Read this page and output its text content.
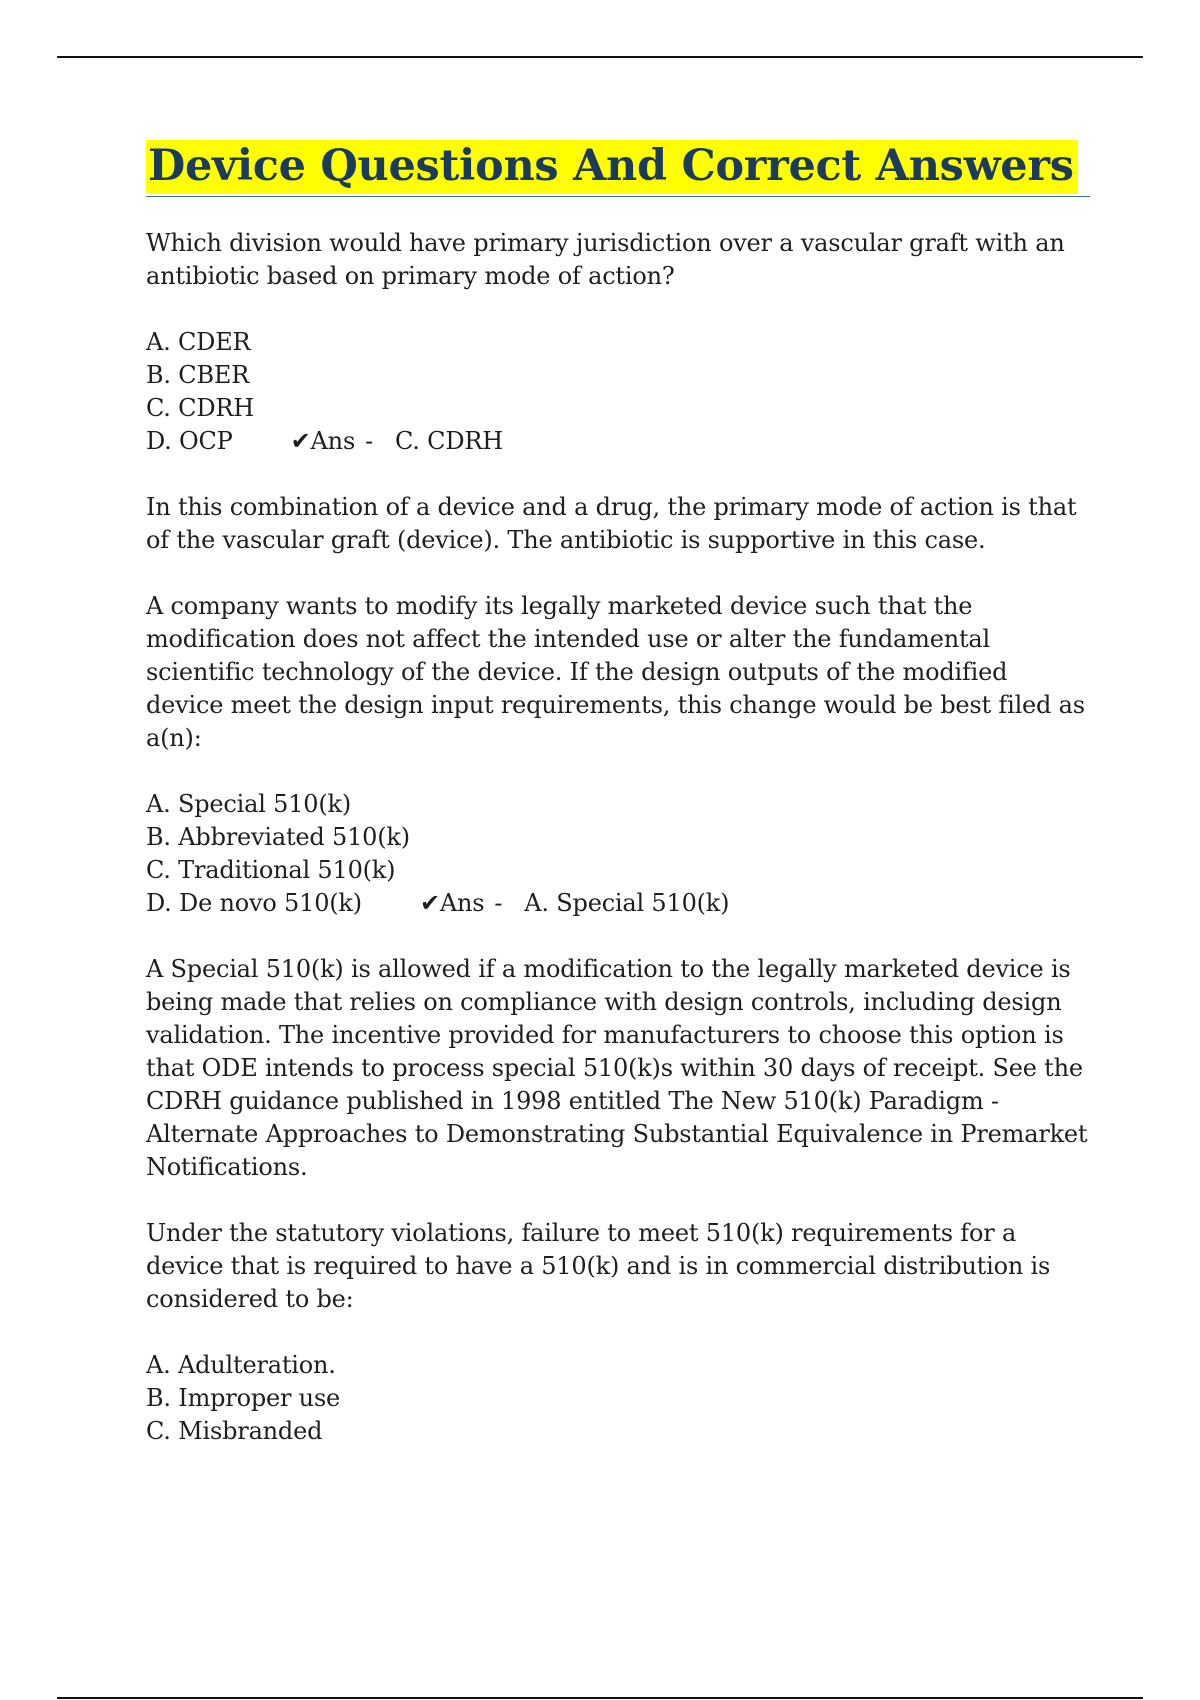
Device Questions And Correct Answers
Which division would have primary jurisdiction over a vascular graft with an antibiotic based on primary mode of action?
A. CDER
B. CBER
C. CDRH
D. OCP ✔Ans - C. CDRH
In this combination of a device and a drug, the primary mode of action is that of the vascular graft (device). The antibiotic is supportive in this case.
A company wants to modify its legally marketed device such that the modification does not affect the intended use or alter the fundamental scientific technology of the device. If the design outputs of the modified device meet the design input requirements, this change would be best filed as a(n):
A. Special 510(k)
B. Abbreviated 510(k)
C. Traditional 510(k)
D. De novo 510(k) ✔Ans - A. Special 510(k)
A Special 510(k) is allowed if a modification to the legally marketed device is being made that relies on compliance with design controls, including design validation. The incentive provided for manufacturers to choose this option is that ODE intends to process special 510(k)s within 30 days of receipt. See the CDRH guidance published in 1998 entitled The New 510(k) Paradigm - Alternate Approaches to Demonstrating Substantial Equivalence in Premarket Notifications.
Under the statutory violations, failure to meet 510(k) requirements for a device that is required to have a 510(k) and is in commercial distribution is considered to be:
A. Adulteration.
B. Improper use
C. Misbranded
